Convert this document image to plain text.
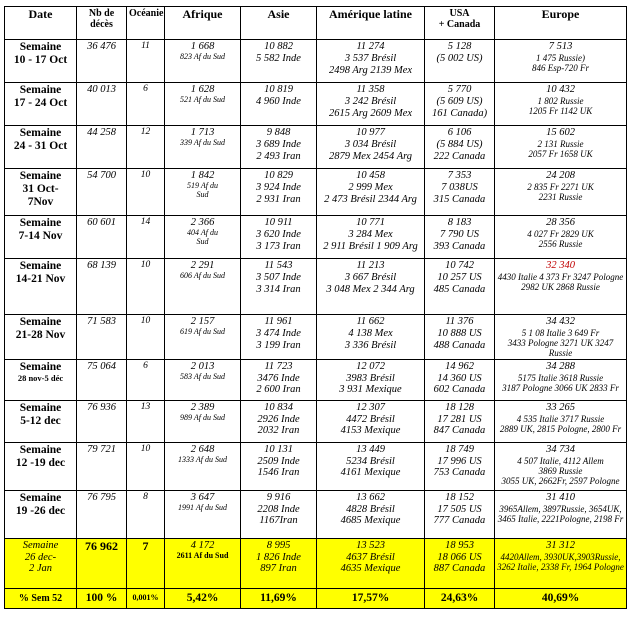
Date	Nb de
décès	Océanie	Afrique	Asie	Amérique latine	USA
+ Canada	Europe

Semaine
10 - 17 Oct	36 476	11	1 668
823 Af du Sud	10 882
5 582 Inde	11 274
3 537 Brésil
2498 Arg 2139 Mex	5 128
(5 002 US)	7 513
1 475 Russie)
846 Esp-720 Fr

Semaine
17 - 24 Oct	40 013	6	1 628
521 Af du Sud	10 819
4 960 Inde	11 358
3 242 Brésil
2615 Arg 2609 Mex	5 770
(5 609 US)
161 Canada)	10 432
1 802 Russie
1205 Fr 1142 UK

Semaine
24 - 31 Oct	44 258	12	1 713
339 Af du Sud	9 848
3 689 Inde
2 493 Iran	10 977
3 034 Brésil
2879 Mex 2454 Arg	6 106
(5 884 US)
222 Canada	15 602
2 131 Russie
2057 Fr 1658 UK

Semaine
31 Oct-
7Nov	54 700	10	1 842
519 Af du
Sud	10 829
3 924 Inde
2 931 Iran	10 458
2 999 Mex
2 473 Brésil 2344 Arg	7 353
7 038US
315 Canada	24 208
2 835 Fr 2271 UK
2231 Russie

Semaine
7-14 Nov	60 601	14	2 366
404 Af du
Sud	10 911
3 620 Inde
3 173 Iran	10 771
3 284 Mex
2 911 Brésil 1 909 Arg	8 183
7 790 US
393 Canada	28 356
4 027 Fr 2829 UK
2556 Russie

Semaine
14-21 Nov	68 139	10	2 291
606 Af du Sud	11 543
3 507 Inde
3 314 Iran	11 213
3 667 Brésil
3 048 Mex 2 344 Arg	10 742
10 257 US
485 Canada	32 340
4430 Italie 4 373 Fr 3247 Pologne
2982 UK 2868 Russie

Semaine
21-28 Nov	71 583	10	2 157
619 Af du Sud	11 961
3 474 Inde
3 199 Iran	11 662
4 138 Mex
3 336 Brésil	11 376
10 888 US
488 Canada	34 432
5 1 08 Italie 3 649 Fr
3433 Pologne 3271 UK 3247 Russie

Semaine
28 nov-5 déc	75 064	6	2 013
583 Af du Sud	11 723
3476 Inde
2 600 Iran	12 072
3983 Brésil
3 931 Mexique	14 962
14 360 US
602 Canada	34 288
5175 Italie 3618 Russie
3187 Pologne 3066 UK 2833 Fr

Semaine
5-12 dec	76 936	13	2 389
989 Af du Sud	10 834
2926 Inde
2032 Iran	12 307
4472 Brésil
4153 Mexique	18 128
17 281 US
847 Canada	33 265
4 535 Italie 3717 Russie
2889 UK, 2815 Pologne, 2800 Fr

Semaine
12 -19 dec	79 721	10	2 648
1333 Af du Sud	10 131
2509 Inde
1546 Iran	13 449
5234 Brésil
4161 Mexique	18 749
17 996 US
753 Canada	34 734
4 507 Italie, 4112 Allem
3869 Russie
3055 UK, 2662Fr, 2597 Pologne

Semaine
19 -26 dec	76 795	8	3 647
1991 Af du Sud	9 916
2208 Inde
1167Iran	13 662
4828 Brésil
4685 Mexique	18 152
17 505 US
777 Canada	31 410
3965Allem, 3897Russie, 3654UK,
3465 Italie, 2221Pologne, 2198 Fr

Semaine
26 dec-
2 Jan	76 962	7	4 172
2611 Af du Sud	8 995
1 826 Inde
897 Iran	13 523
4637 Brésil
4635 Mexique	18 953
18 066 US
887 Canada	31 312
4420Allem, 3930UK,3903Russie,
3262 Italie, 2338 Fr, 1964 Pologne

% Sem 52	100 %	0,001%	5,42%	11,69%	17,57%	24,63%	40,69%
